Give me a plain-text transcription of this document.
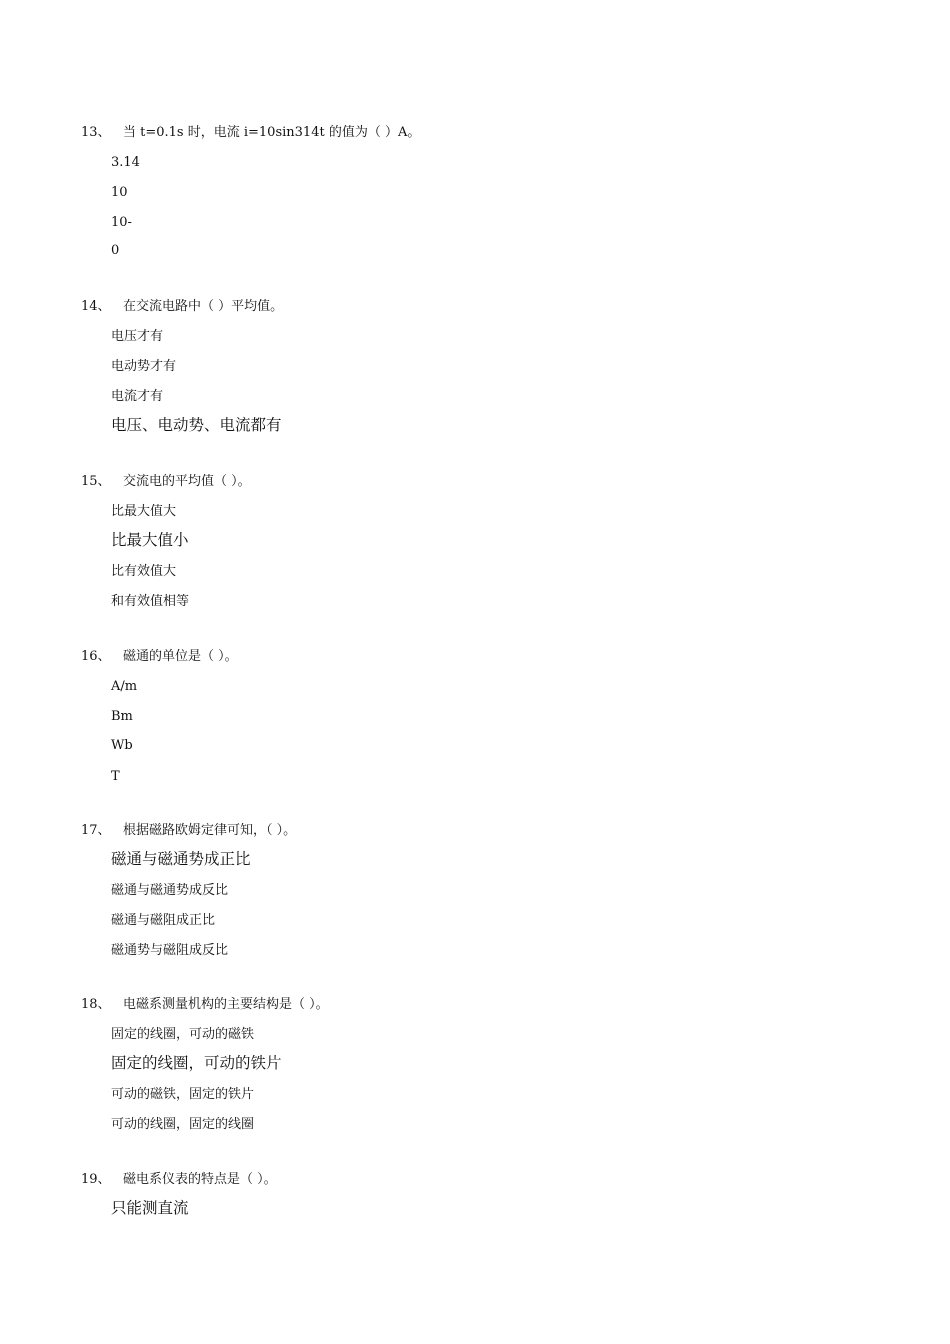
13、 当 t=0.1s 时，电流 i=10sin314t 的值为（ ）A。
3.14
10
10-
0
14、 在交流电路中（ ）平均值。
电压才有
电动势才有
电流才有
电压、电动势、电流都有
15、 交流电的平均值（ ）。
比最大值大
比最大值小
比有效值大
和有效值相等
16、 磁通的单位是（ ）。
A/m
Bm
Wb
T
17、 根据磁路欧姆定律可知，（ ）。
磁通与磁通势成正比
磁通与磁通势成反比
磁通与磁阻成正比
磁通势与磁阻成反比
18、 电磁系测量机构的主要结构是（ ）。
固定的线圈，可动的磁铁
固定的线圈，可动的铁片
可动的磁铁，固定的铁片
可动的线圈，固定的线圈
19、 磁电系仪表的特点是（ ）。
只能测直流
